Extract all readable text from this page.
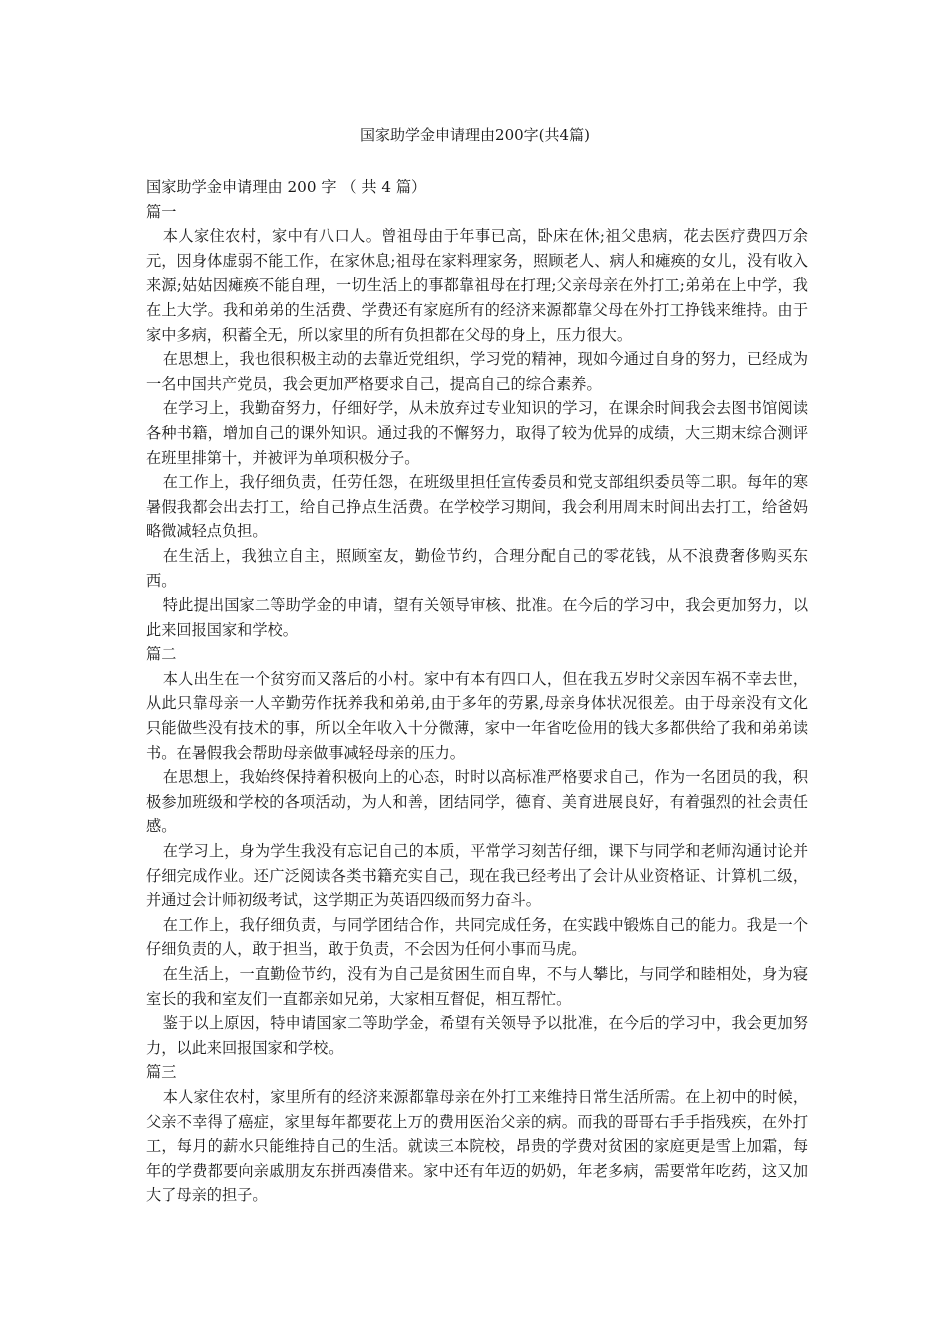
国家助学金申请理由200字(共4篇)

国家助学金申请理由 200 字 （ 共 4 篇）

篇一

本人家住农村，家中有八口人。曾祖母由于年事已高，卧床在休;祖父患病，花去医疗费四万余元，因身体虚弱不能工作，在家休息;祖母在家料理家务，照顾老人、病人和瘫痪的女儿，没有收入来源;姑姑因瘫痪不能自理，一切生活上的事都靠祖母在打理;父亲母亲在外打工;弟弟在上中学，我在上大学。我和弟弟的生活费、学费还有家庭所有的经济来源都靠父母在外打工挣钱来维持。由于家中多病，积蓄全无，所以家里的所有负担都在父母的身上，压力很大。

在思想上，我也很积极主动的去靠近党组织，学习党的精神，现如今通过自身的努力，已经成为一名中国共产党员，我会更加严格要求自己，提高自己的综合素养。

在学习上，我勤奋努力，仔细好学，从未放弃过专业知识的学习，在课余时间我会去图书馆阅读各种书籍，增加自己的课外知识。通过我的不懈努力，取得了较为优异的成绩，大三期末综合测评在班里排第十，并被评为单项积极分子。

在工作上，我仔细负责，任劳任怨，在班级里担任宣传委员和党支部组织委员等二职。每年的寒暑假我都会出去打工，给自己挣点生活费。在学校学习期间，我会利用周末时间出去打工，给爸妈略微减轻点负担。

在生活上，我独立自主，照顾室友，勤俭节约，合理分配自己的零花钱，从不浪费奢侈购买东西。

特此提出国家二等助学金的申请，望有关领导审核、批准。在今后的学习中，我会更加努力，以此来回报国家和学校。

篇二

本人出生在一个贫穷而又落后的小村。家中有本有四口人，但在我五岁时父亲因车祸不幸去世，从此只靠母亲一人辛勤劳作抚养我和弟弟,由于多年的劳累,母亲身体状况很差。由于母亲没有文化只能做些没有技术的事，所以全年收入十分微薄，家中一年省吃俭用的钱大多都供给了我和弟弟读书。在暑假我会帮助母亲做事减轻母亲的压力。

在思想上，我始终保持着积极向上的心态，时时以高标准严格要求自己，作为一名团员的我，积极参加班级和学校的各项活动，为人和善，团结同学，德育、美育进展良好，有着强烈的社会责任感。

在学习上，身为学生我没有忘记自己的本质，平常学习刻苦仔细，课下与同学和老师沟通讨论并仔细完成作业。还广泛阅读各类书籍充实自己，现在我已经考出了会计从业资格证、计算机二级，并通过会计师初级考试，这学期正为英语四级而努力奋斗。

在工作上，我仔细负责，与同学团结合作，共同完成任务，在实践中锻炼自己的能力。我是一个仔细负责的人，敢于担当，敢于负责，不会因为任何小事而马虎。

在生活上，一直勤俭节约，没有为自己是贫困生而自卑，不与人攀比，与同学和睦相处，身为寝室长的我和室友们一直都亲如兄弟，大家相互督促，相互帮忙。

鉴于以上原因，特申请国家二等助学金，希望有关领导予以批准，在今后的学习中，我会更加努力，以此来回报国家和学校。

篇三

本人家住农村，家里所有的经济来源都靠母亲在外打工来维持日常生活所需。在上初中的时候，父亲不幸得了癌症，家里每年都要花上万的费用医治父亲的病。而我的哥哥右手手指残疾，在外打工，每月的薪水只能维持自己的生活。就读三本院校，昂贵的学费对贫困的家庭更是雪上加霜，每年的学费都要向亲戚朋友东拼西凑借来。家中还有年迈的奶奶，年老多病，需要常年吃药，这又加大了母亲的担子。
